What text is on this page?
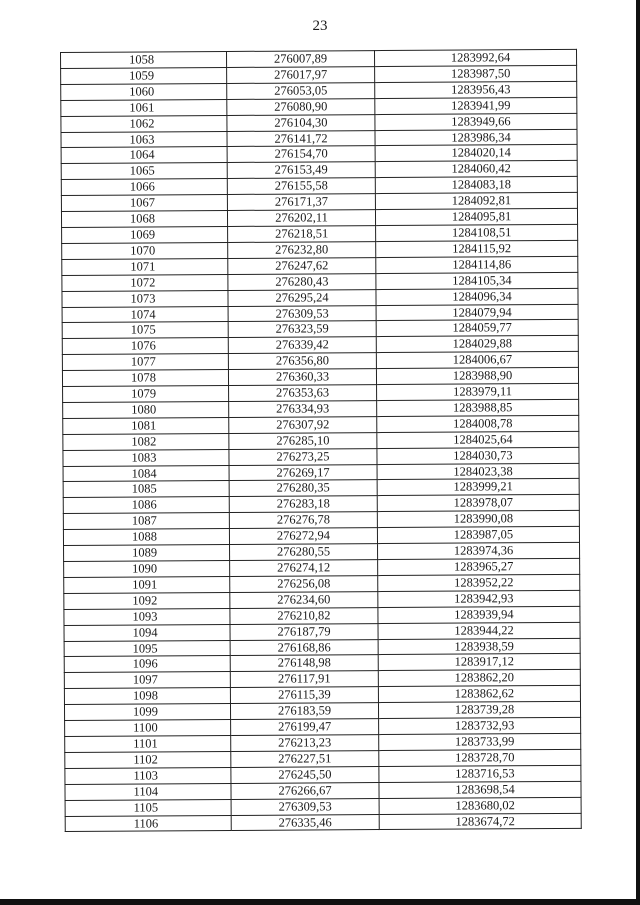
23
1058	276007,89	1283992,64
1059	276017,97	1283987,50
1060	276053,05	1283956,43
1061	276080,90	1283941,99
1062	276104,30	1283949,66
1063	276141,72	1283986,34
1064	276154,70	1284020,14
1065	276153,49	1284060,42
1066	276155,58	1284083,18
1067	276171,37	1284092,81
1068	276202,11	1284095,81
1069	276218,51	1284108,51
1070	276232,80	1284115,92
1071	276247,62	1284114,86
1072	276280,43	1284105,34
1073	276295,24	1284096,34
1074	276309,53	1284079,94
1075	276323,59	1284059,77
1076	276339,42	1284029,88
1077	276356,80	1284006,67
1078	276360,33	1283988,90
1079	276353,63	1283979,11
1080	276334,93	1283988,85
1081	276307,92	1284008,78
1082	276285,10	1284025,64
1083	276273,25	1284030,73
1084	276269,17	1284023,38
1085	276280,35	1283999,21
1086	276283,18	1283978,07
1087	276276,78	1283990,08
1088	276272,94	1283987,05
1089	276280,55	1283974,36
1090	276274,12	1283965,27
1091	276256,08	1283952,22
1092	276234,60	1283942,93
1093	276210,82	1283939,94
1094	276187,79	1283944,22
1095	276168,86	1283938,59
1096	276148,98	1283917,12
1097	276117,91	1283862,20
1098	276115,39	1283862,62
1099	276183,59	1283739,28
1100	276199,47	1283732,93
1101	276213,23	1283733,99
1102	276227,51	1283728,70
1103	276245,50	1283716,53
1104	276266,67	1283698,54
1105	276309,53	1283680,02
1106	276335,46	1283674,72
